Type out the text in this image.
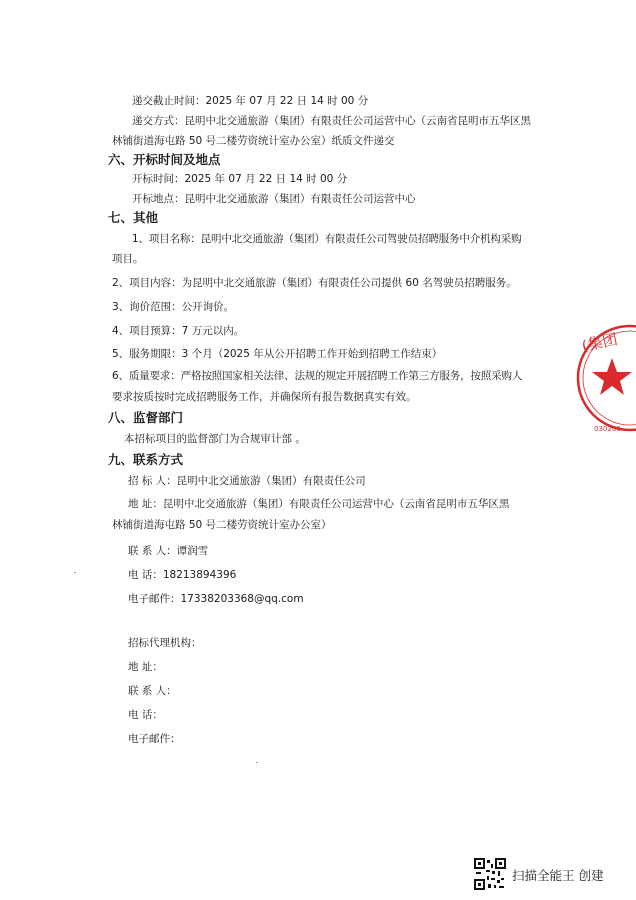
递交截止时间：2025 年 07 月 22 日 14 时 00 分
递交方式：昆明中北交通旅游（集团）有限责任公司运营中心（云南省昆明市五华区黑
林铺街道海屯路 50 号二楼劳资统计室办公室）纸质文件递交
六、开标时间及地点
开标时间：2025 年 07 月 22 日 14 时 00 分
开标地点：昆明中北交通旅游（集团）有限责任公司运营中心
七、其他
1、项目名称：昆明中北交通旅游（集团）有限责任公司驾驶员招聘服务中介机构采购
项目。
2、项目内容：为昆明中北交通旅游（集团）有限责任公司提供 60 名驾驶员招聘服务。
3、询价范围：公开询价。
4、项目预算：7 万元以内。
5、服务期限：3 个月（2025 年从公开招聘工作开始到招聘工作结束）
6、质量要求：严格按照国家相关法律、法规的规定开展招聘工作第三方服务，按照采购人
要求按质按时完成招聘服务工作，并确保所有报告数据真实有效。
八、监督部门
本招标项目的监督部门为合规审计部 。
九、联系方式
招 标 人：昆明中北交通旅游（集团）有限责任公司
地 址：昆明中北交通旅游（集团）有限责任公司运营中心（云南省昆明市五华区黑
林铺街道海屯路 50 号二楼劳资统计室办公室）
联 系 人：谭润雪
电 话：18213894396
电子邮件：17338203368@qq.com
招标代理机构：
地 址：
联 系 人：
电 话：
电子邮件：
(集团
030200
扫描全能王 创建
